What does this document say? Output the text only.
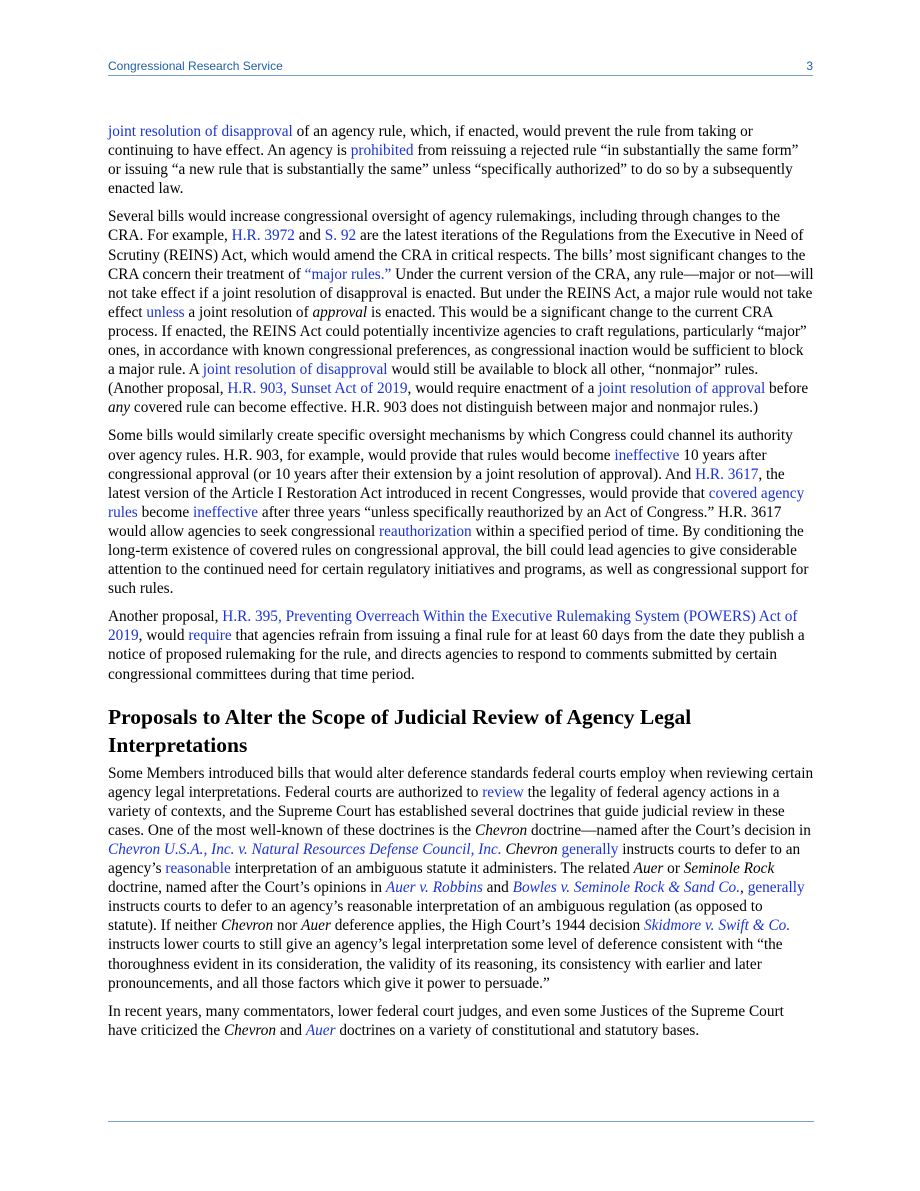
Congressional Research Service	3

joint resolution of disapproval of an agency rule, which, if enacted, would prevent the rule from taking or continuing to have effect. An agency is prohibited from reissuing a rejected rule “in substantially the same form” or issuing “a new rule that is substantially the same” unless “specifically authorized” to do so by a subsequently enacted law.

Several bills would increase congressional oversight of agency rulemakings, including through changes to the CRA. For example, H.R. 3972 and S. 92 are the latest iterations of the Regulations from the Executive in Need of Scrutiny (REINS) Act, which would amend the CRA in critical respects. The bills’ most significant changes to the CRA concern their treatment of “major rules.” Under the current version of the CRA, any rule—major or not—will not take effect if a joint resolution of disapproval is enacted. But under the REINS Act, a major rule would not take effect unless a joint resolution of approval is enacted. This would be a significant change to the current CRA process. If enacted, the REINS Act could potentially incentivize agencies to craft regulations, particularly “major” ones, in accordance with known congressional preferences, as congressional inaction would be sufficient to block a major rule. A joint resolution of disapproval would still be available to block all other, “nonmajor” rules. (Another proposal, H.R. 903, Sunset Act of 2019, would require enactment of a joint resolution of approval before any covered rule can become effective. H.R. 903 does not distinguish between major and nonmajor rules.)

Some bills would similarly create specific oversight mechanisms by which Congress could channel its authority over agency rules. H.R. 903, for example, would provide that rules would become ineffective 10 years after congressional approval (or 10 years after their extension by a joint resolution of approval). And H.R. 3617, the latest version of the Article I Restoration Act introduced in recent Congresses, would provide that covered agency rules become ineffective after three years “unless specifically reauthorized by an Act of Congress.” H.R. 3617 would allow agencies to seek congressional reauthorization within a specified period of time. By conditioning the long-term existence of covered rules on congressional approval, the bill could lead agencies to give considerable attention to the continued need for certain regulatory initiatives and programs, as well as congressional support for such rules.

Another proposal, H.R. 395, Preventing Overreach Within the Executive Rulemaking System (POWERS) Act of 2019, would require that agencies refrain from issuing a final rule for at least 60 days from the date they publish a notice of proposed rulemaking for the rule, and directs agencies to respond to comments submitted by certain congressional committees during that time period.

Proposals to Alter the Scope of Judicial Review of Agency Legal Interpretations

Some Members introduced bills that would alter deference standards federal courts employ when reviewing certain agency legal interpretations. Federal courts are authorized to review the legality of federal agency actions in a variety of contexts, and the Supreme Court has established several doctrines that guide judicial review in these cases. One of the most well-known of these doctrines is the Chevron doctrine—named after the Court’s decision in Chevron U.S.A., Inc. v. Natural Resources Defense Council, Inc. Chevron generally instructs courts to defer to an agency’s reasonable interpretation of an ambiguous statute it administers. The related Auer or Seminole Rock doctrine, named after the Court’s opinions in Auer v. Robbins and Bowles v. Seminole Rock & Sand Co., generally instructs courts to defer to an agency’s reasonable interpretation of an ambiguous regulation (as opposed to statute). If neither Chevron nor Auer deference applies, the High Court’s 1944 decision Skidmore v. Swift & Co. instructs lower courts to still give an agency’s legal interpretation some level of deference consistent with “the thoroughness evident in its consideration, the validity of its reasoning, its consistency with earlier and later pronouncements, and all those factors which give it power to persuade.”

In recent years, many commentators, lower federal court judges, and even some Justices of the Supreme Court have criticized the Chevron and Auer doctrines on a variety of constitutional and statutory bases.
